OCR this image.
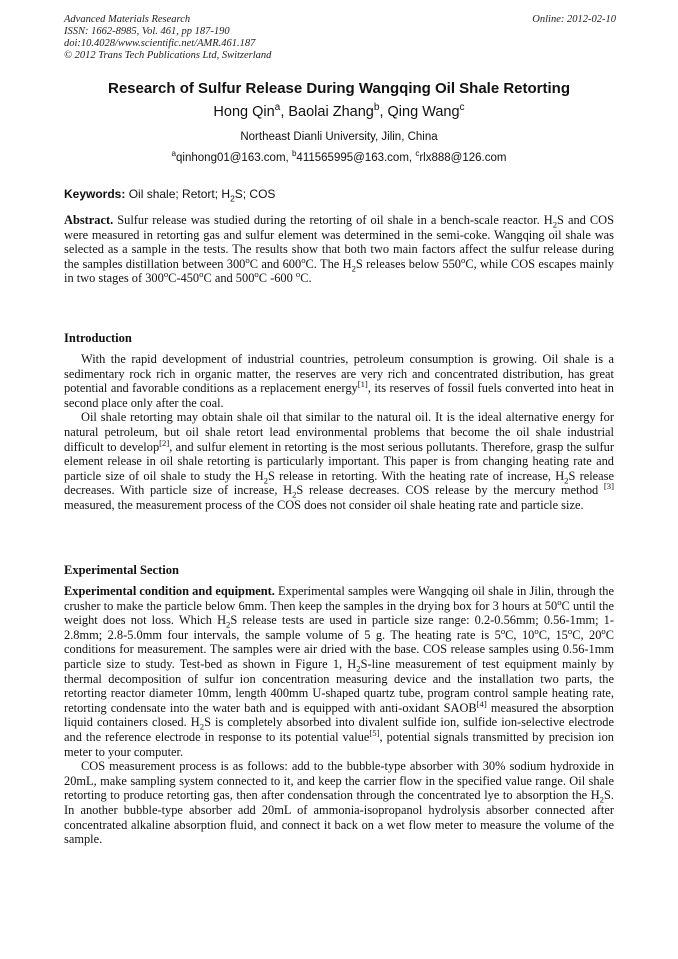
Advanced Materials Research
ISSN: 1662-8985, Vol. 461, pp 187-190
doi:10.4028/www.scientific.net/AMR.461.187
© 2012 Trans Tech Publications Ltd, Switzerland
Online: 2012-02-10
Research of Sulfur Release During Wangqing Oil Shale Retorting
Hong Qin$^a$, Baolai Zhang$^b$, Qing Wang$^c$
Northeast Dianli University, Jilin, China
$^a$qinhong01@163.com, $^b$411565995@163.com, $^c$rlx888@126.com
Keywords: Oil shale; Retort; $H_2S$; COS

Abstract. Sulfur release was studied during the retorting of oil shale in a bench-scale reactor. $H_2S$ and COS were measured in retorting gas and sulfur element was determined in the semi-coke. Wangqing oil shale was selected as a sample in the tests. The results show that both two main factors affect the sulfur release during the samples distillation between 300$^o$C and 600$^o$C. The $H_2S$ releases below 550$^o$C, while COS escapes mainly in two stages of 300$^o$C-450$^o$C and 500$^o$C -600 $^o$C.

Introduction

With the rapid development of industrial countries, petroleum consumption is growing. Oil shale is a sedimentary rock rich in organic matter, the reserves are very rich and concentrated distribution, has great potential and favorable conditions as a replacement energy[1], its reserves of fossil fuels converted into heat in second place only after the coal.

Oil shale retorting may obtain shale oil that similar to the natural oil. It is the ideal alternative energy for natural petroleum, but oil shale retort lead environmental problems that become the oil shale industrial difficult to develop[2], and sulfur element in retorting is the most serious pollutants. Therefore, grasp the sulfur element release in oil shale retorting is particularly important. This paper is from changing heating rate and particle size of oil shale to study the $H_2S$ release in retorting. With the heating rate of increase, $H_2S$ release decreases. With particle size of increase, $H_2S$ release decreases. COS release by the mercury method [3] measured, the measurement process of the COS does not consider oil shale heating rate and particle size.

Experimental Section

Experimental condition and equipment. Experimental samples were Wangqing oil shale in Jilin, through the crusher to make the particle below 6mm. Then keep the samples in the drying box for 3 hours at 50$^o$C until the weight does not loss. Which $H_2S$ release tests are used in particle size range: 0.2-0.56mm; 0.56-1mm; 1-2.8mm; 2.8-5.0mm four intervals, the sample volume of 5 g. The heating rate is 5$^o$C, 10$^o$C, 15$^o$C, 20$^o$C conditions for measurement. The samples were air dried with the base. COS release samples using 0.56-1mm particle size to study. Test-bed as shown in Figure 1, $H_2S$-line measurement of test equipment mainly by thermal decomposition of sulfur ion concentration measuring device and the installation two parts, the retorting reactor diameter 10mm, length 400mm U-shaped quartz tube, program control sample heating rate, retorting condensate into the water bath and is equipped with anti-oxidant SAOB[4] measured the absorption liquid containers closed. $H_2S$ is completely absorbed into divalent sulfide ion, sulfide ion-selective electrode and the reference electrode in response to its potential value[5], potential signals transmitted by precision ion meter to your computer.

COS measurement process is as follows: add to the bubble-type absorber with 30% sodium hydroxide in 20mL, make sampling system connected to it, and keep the carrier flow in the specified value range. Oil shale retorting to produce retorting gas, then after condensation through the concentrated lye to absorption the $H_2S$. In another bubble-type absorber add 20mL of ammonia-isopropanol hydrolysis absorber connected after concentrated alkaline absorption fluid, and connect it back on a wet flow meter to measure the volume of the sample.
